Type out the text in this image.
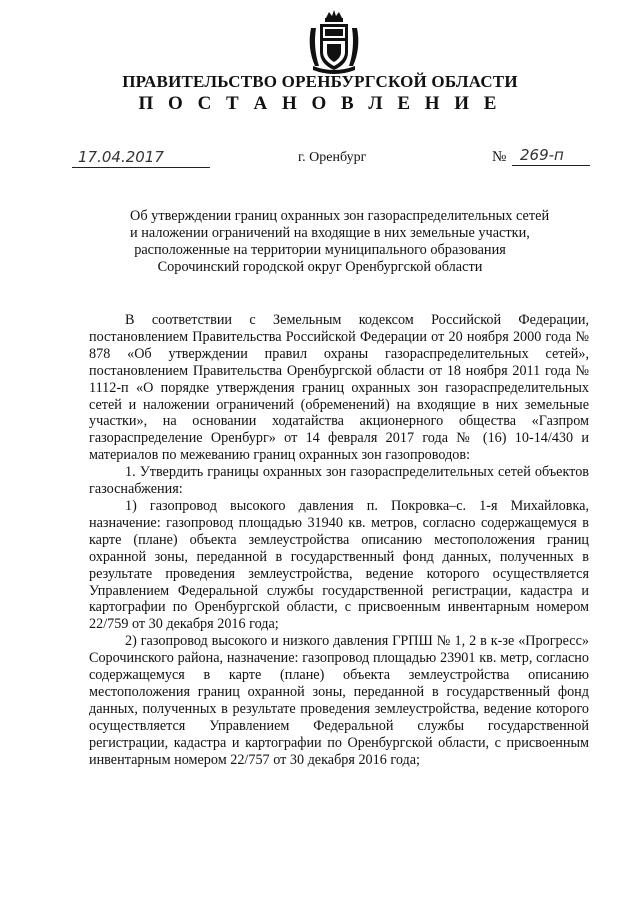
ПРАВИТЕЛЬСТВО ОРЕНБУРГСКОЙ ОБЛАСТИ
П О С Т А Н О В Л Е Н И Е
17.04.2017	г. Оренбург	№ 269-п
Об утверждении границ охранных зон газораспределительных сетей
и наложении ограничений на входящие в них земельные участки,
расположенные на территории муниципального образования
Сорочинский городской округ Оренбургской области

В соответствии с Земельным кодексом Российской Федерации, постановлением Правительства Российской Федерации от 20 ноября 2000 года № 878 «Об утверждении правил охраны газораспределительных сетей», постановлением Правительства Оренбургской области от 18 ноября 2011 года № 1112-п «О порядке утверждения границ охранных зон газораспределительных сетей и наложении ограничений (обременений) на входящие в них земельные участки», на основании ходатайства акционерного общества «Газпром газораспределение Оренбург» от 14 февраля 2017 года № (16) 10-14/430 и материалов по межеванию границ охранных зон газопроводов:

1. Утвердить границы охранных зон газораспределительных сетей объектов газоснабжения:

1) газопровод высокого давления п. Покровка–с. 1-я Михайловка, назначение: газопровод площадью 31940 кв. метров, согласно содержащемуся в карте (плане) объекта землеустройства описанию местоположения границ охранной зоны, переданной в государственный фонд данных, полученных в результате проведения землеустройства, ведение которого осуществляется Управлением Федеральной службы государственной регистрации, кадастра и картографии по Оренбургской области, с присвоенным инвентарным номером 22/759 от 30 декабря 2016 года;

2) газопровод высокого и низкого давления ГРПШ № 1, 2 в к-зе «Прогресс» Сорочинского района, назначение: газопровод площадью 23901 кв. метр, согласно содержащемуся в карте (плане) объекта землеустройства описанию местоположения границ охранной зоны, переданной в государственный фонд данных, полученных в результате проведения землеустройства, ведение которого осуществляется Управлением Федеральной службы государственной регистрации, кадастра и картографии по Оренбургской области, с присвоенным инвентарным номером 22/757 от 30 декабря 2016 года;
